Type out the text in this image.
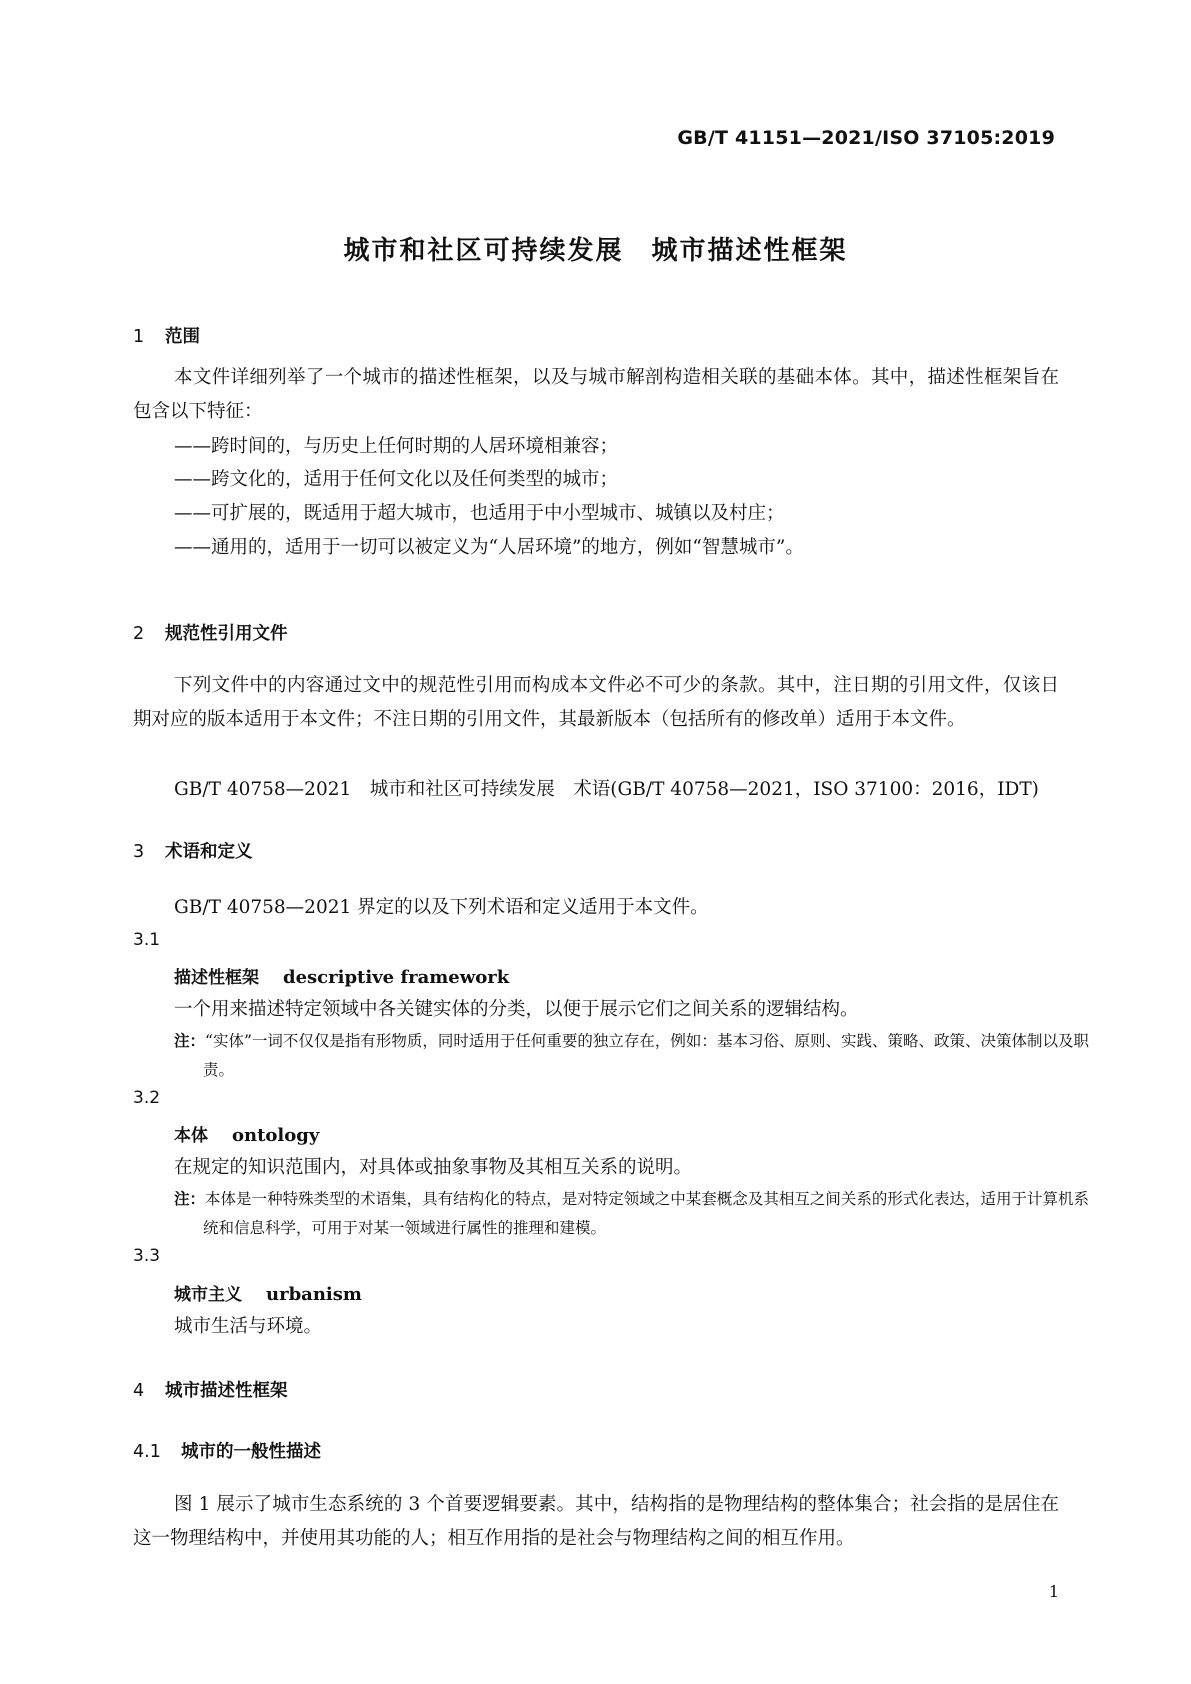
GB/T 41151—2021/ISO 37105:2019
城市和社区可持续发展　城市描述性框架
1 范围
本文件详细列举了一个城市的描述性框架，以及与城市解剖构造相关联的基础本体。其中，描述性框架旨在包含以下特征：
——跨时间的，与历史上任何时期的人居环境相兼容；
——跨文化的，适用于任何文化以及任何类型的城市；
——可扩展的，既适用于超大城市，也适用于中小型城市、城镇以及村庄；
——通用的，适用于一切可以被定义为“人居环境”的地方，例如“智慧城市”。
2 规范性引用文件
下列文件中的内容通过文中的规范性引用而构成本文件必不可少的条款。其中，注日期的引用文件，仅该日期对应的版本适用于本文件；不注日期的引用文件，其最新版本（包括所有的修改单）适用于本文件。
GB/T 40758—2021　城市和社区可持续发展　术语(GB/T 40758—2021，ISO 37100：2016，IDT)
3 术语和定义
GB/T 40758—2021 界定的以及下列术语和定义适用于本文件。
3.1
描述性框架 descriptive framework
一个用来描述特定领域中各关键实体的分类，以便于展示它们之间关系的逻辑结构。
注：“实体”一词不仅仅是指有形物质，同时适用于任何重要的独立存在，例如：基本习俗、原则、实践、策略、政策、决策体制以及职责。
3.2
本体 ontology
在规定的知识范围内，对具体或抽象事物及其相互关系的说明。
注：本体是一种特殊类型的术语集，具有结构化的特点，是对特定领域之中某套概念及其相互之间关系的形式化表达，适用于计算机系统和信息科学，可用于对某一领域进行属性的推理和建模。
3.3
城市主义 urbanism
城市生活与环境。
4 城市描述性框架
4.1 城市的一般性描述
图 1 展示了城市生态系统的 3 个首要逻辑要素。其中，结构指的是物理结构的整体集合；社会指的是居住在这一物理结构中，并使用其功能的人；相互作用指的是社会与物理结构之间的相互作用。
1
